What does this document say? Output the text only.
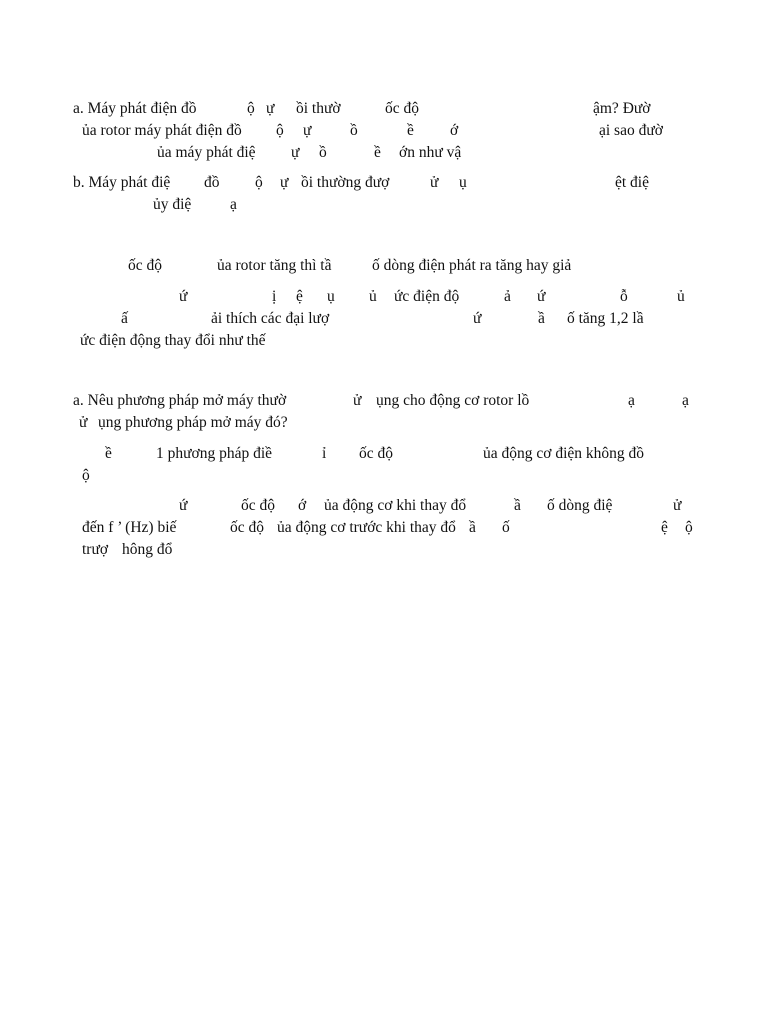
a. Máy phát điện đồ

	ộ

ự

ồi thườ

	ốc độ

	ậm? Đườ

ủa rotor máy phát điện đồ

ộ

ự

ồ

	ề

ớ

	ại sao đườ

ủa máy phát điệ

ự

ồ

	ề

ớn như vậ

b. Máy phát điệ

đồ

ộ

ự

ồi thường đượ

	ử

ụ

	ệt điệ

ủy điệ

ạ

ốc độ

	ủa rotor tăng thì tầ

	ố dòng điện phát ra tăng hay giả

ứ

	ị

ệ

ụ

ủ

ức điện độ

	ả

ứ

	ỗ

	ủ

ấ

	ải thích các đại lượ

	ứ

	ầ

ố tăng 1,2 lầ

ức điện động thay đổi như thế

a. Nêu phương pháp mở máy thườ

	ử

ụng cho động cơ rotor lồ

	ạ

	ạ

ử

ụng phương pháp mở máy đó?

ề

	1 phương pháp điề

	ỉ

ốc độ

	ủa động cơ điện không đồ

ộ

ứ

	ốc độ

ớ

ủa động cơ khi thay đổ

	ầ

ố dòng điệ

	ử

đến f ’ (Hz) biế

	ốc độ

ủa động cơ trước khi thay đổ

ầ

ố

	ệ

ộ

trượ

hông đổ
